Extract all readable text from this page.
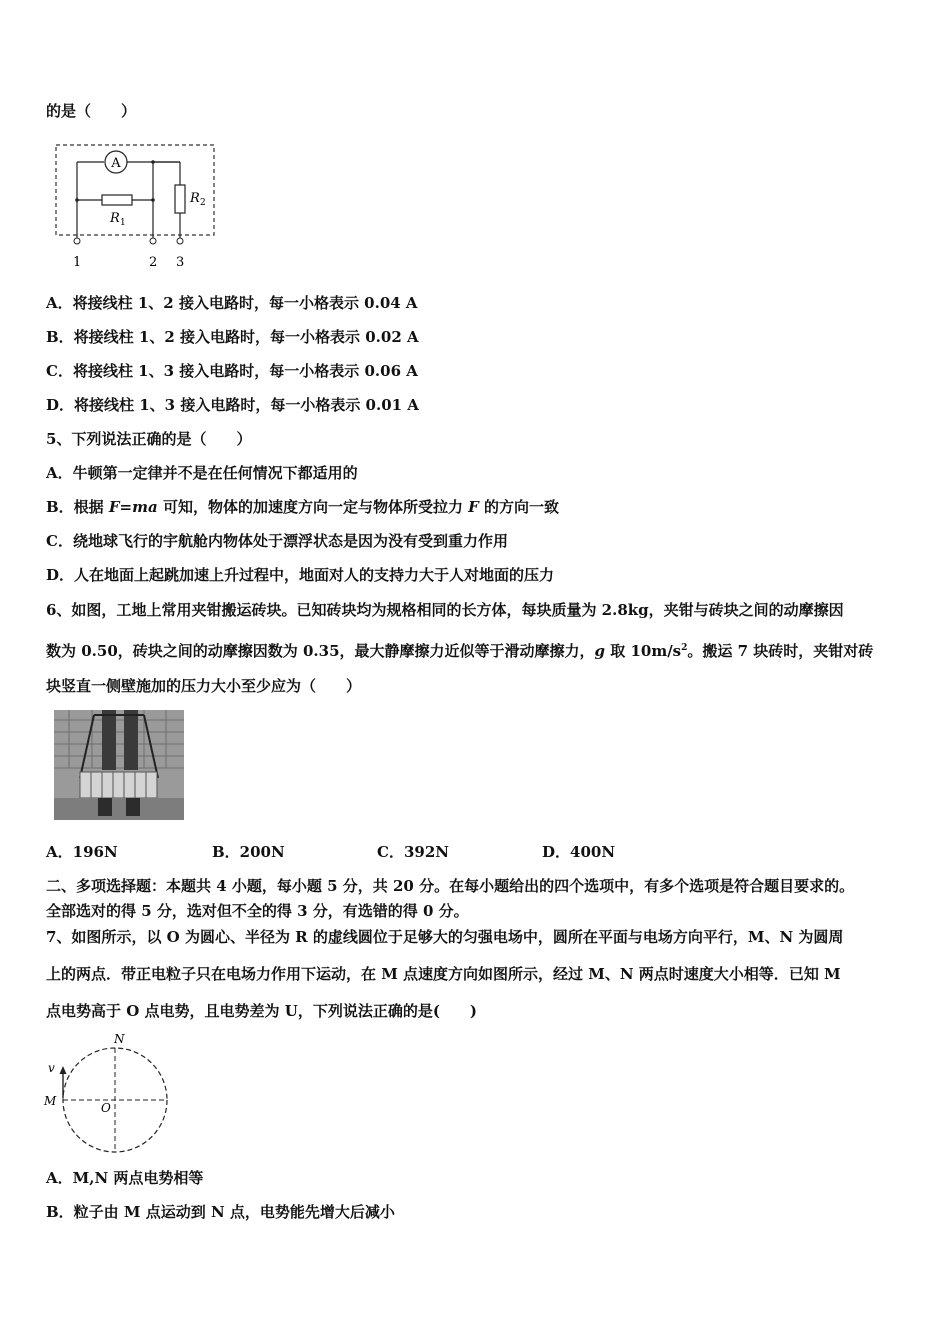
的是（　　）
A
R 1
R 2
1	2 3
A．将接线柱 1、2 接入电路时，每一小格表示 0.04 A
B．将接线柱 1、2 接入电路时，每一小格表示 0.02 A
C．将接线柱 1、3 接入电路时，每一小格表示 0.06 A
D．将接线柱 1、3 接入电路时，每一小格表示 0.01 A
5、下列说法正确的是（　　）
A．牛顿第一定律并不是在任何情况下都适用的
B．根据 F=ma 可知，物体的加速度方向一定与物体所受拉力 F 的方向一致
C．绕地球飞行的宇航舱内物体处于漂浮状态是因为没有受到重力作用
D．人在地面上起跳加速上升过程中，地面对人的支持力大于人对地面的压力
6、如图，工地上常用夹钳搬运砖块。已知砖块均为规格相同的长方体，每块质量为 2.8kg，夹钳与砖块之间的动摩擦因
数为 0.50，砖块之间的动摩擦因数为 0.35，最大静摩擦力近似等于滑动摩擦力，g 取 $10m/s^2$。搬运 7 块砖时，夹钳对砖
块竖直一侧壁施加的压力大小至少应为（　　）
A．196N	B．200N	C．392N	D．400N
二、多项选择题：本题共 4 小题，每小题 5 分，共 20 分。在每小题给出的四个选项中，有多个选项是符合题目要求的。
全部选对的得 5 分，选对但不全的得 3 分，有选错的得 0 分。
7、如图所示，以 O 为圆心、半径为 R 的虚线圆位于足够大的匀强电场中，圆所在平面与电场方向平行，M、N 为圆周
上的两点．带正电粒子只在电场力作用下运动，在 M 点速度方向如图所示，经过 M、N 两点时速度大小相等．已知 M
点电势高于 O 点电势，且电势差为 U，下列说法正确的是(　　)
N
M	O
v
A．M,N 两点电势相等
B．粒子由 M 点运动到 N 点，电势能先增大后减小
